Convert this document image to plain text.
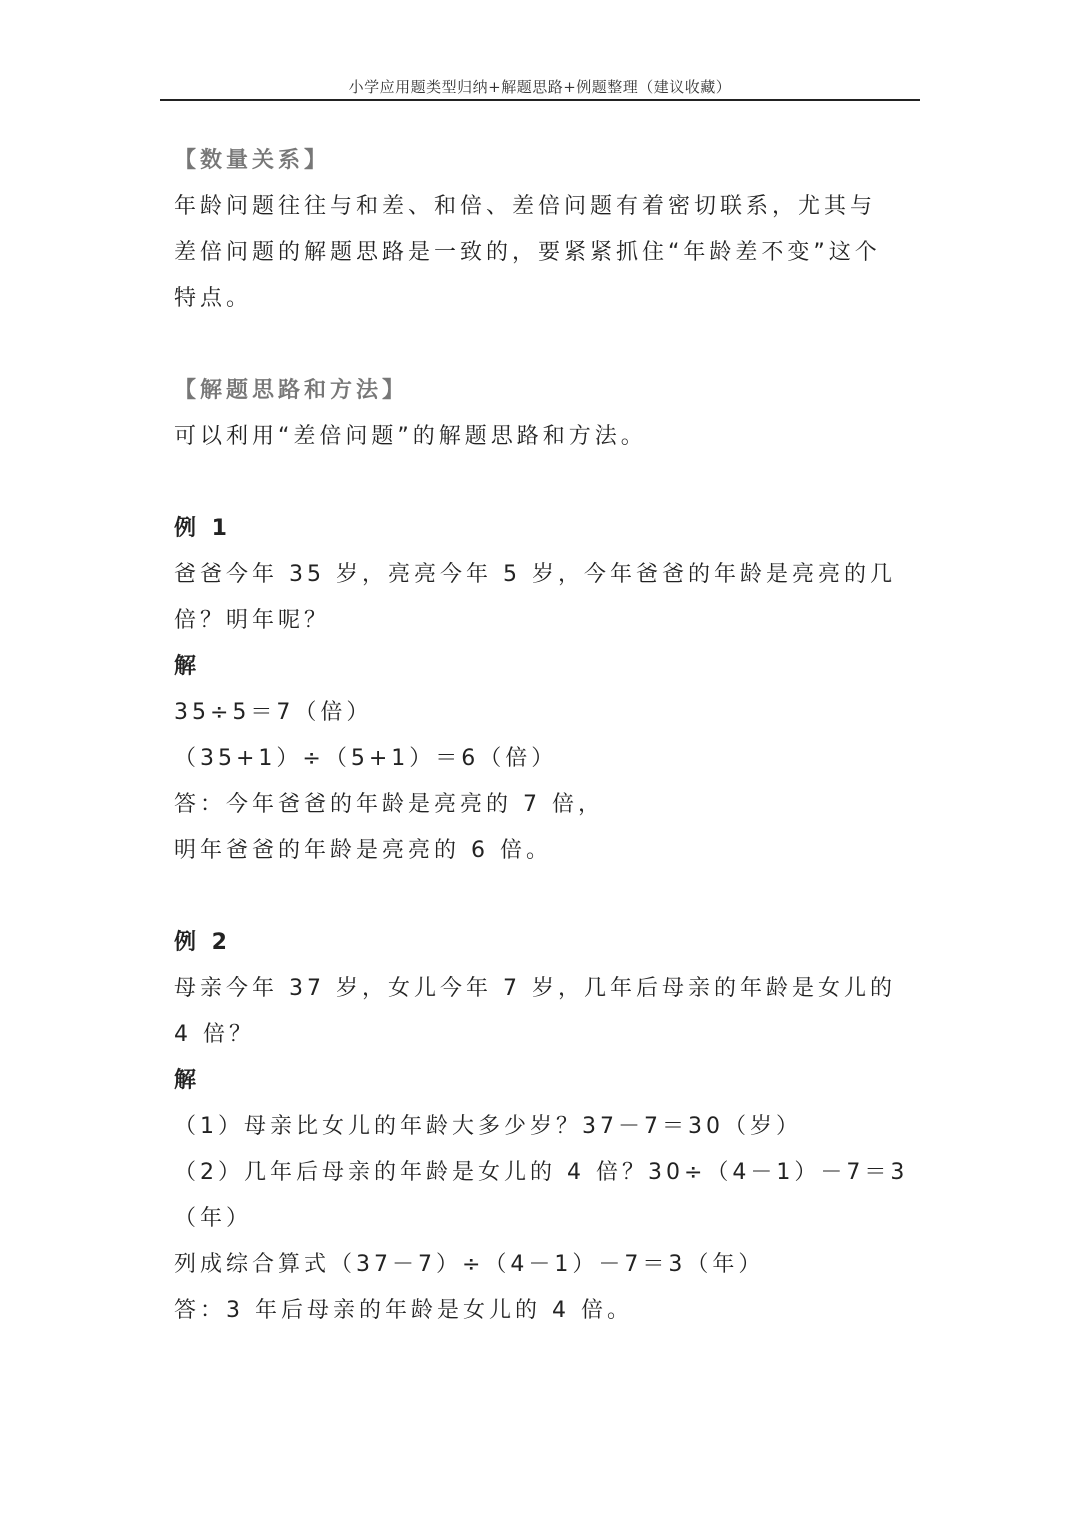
小学应用题类型归纳+解题思路+例题整理（建议收藏）

【数量关系】

年龄问题往往与和差、和倍、差倍问题有着密切联系，尤其与

差倍问题的解题思路是一致的，要紧紧抓住“年龄差不变”这个

特点。

【解题思路和方法】

可以利用“差倍问题”的解题思路和方法。

例 1

爸爸今年 35 岁，亮亮今年 5 岁，今年爸爸的年龄是亮亮的几

倍？明年呢？

解

35÷5＝7（倍）

（35+1）÷（5+1）＝6（倍）

答：今年爸爸的年龄是亮亮的 7 倍，

明年爸爸的年龄是亮亮的 6 倍。

例 2

母亲今年 37 岁，女儿今年 7 岁，几年后母亲的年龄是女儿的

4 倍？

解

（1）母亲比女儿的年龄大多少岁？37－7＝30（岁）

（2）几年后母亲的年龄是女儿的 4 倍？30÷（4－1）－7＝3

（年）

列成综合算式（37－7）÷（4－1）－7＝3（年）

答：3 年后母亲的年龄是女儿的 4 倍。
